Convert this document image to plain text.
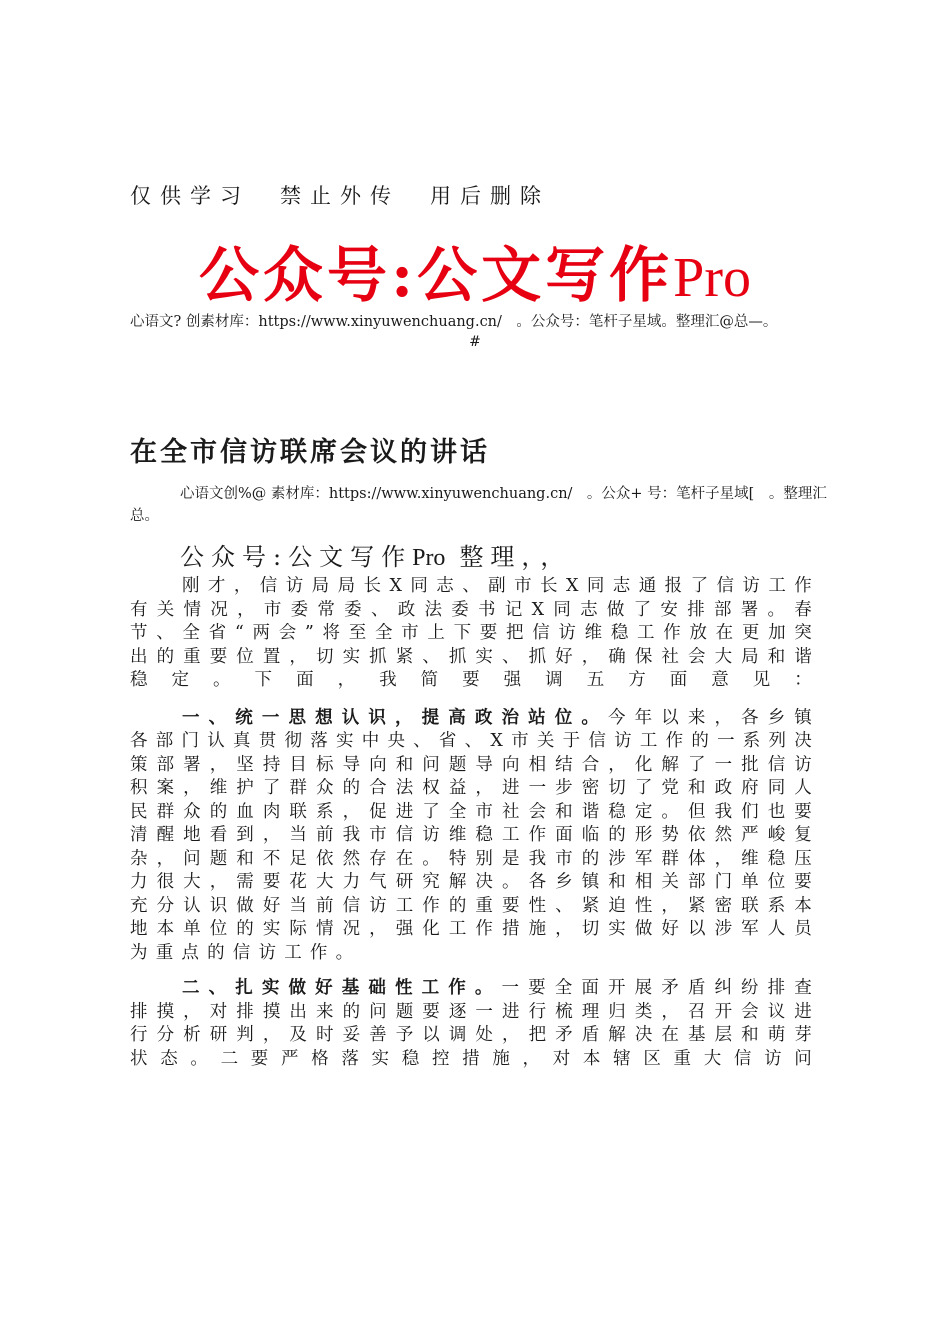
仅供学习　禁止外传　用后删除
公众号:公文写作Pro
心语文? 创素材库：https://www.xinyuwenchuang.cn/　。公众号：笔杆子星域。整理汇@总—。
#
在全市信访联席会议的讲话
心语文创%@ 素材库：https://www.xinyuwenchuang.cn/　。公众+ 号：笔杆子星域[　。整理汇总。
公众号:公文写作Pro 整理，，

刚才，信访局局长X同志、副市长X同志通报了信访工作有关情况，市委常委、政法委书记X同志做了安排部署。春节、全省“两会”将至全市上下要把信访维稳工作放在更加突出的重要位置，切实抓紧、抓实、抓好，确保社会大局和谐稳定。下面，我简要强调五方面意见：

一、统一思想认识，提高政治站位。今年以来，各乡镇各部门认真贯彻落实中央、省、X市关于信访工作的一系列决策部署，坚持目标导向和问题导向相结合，化解了一批信访积案，维护了群众的合法权益，进一步密切了党和政府同人民群众的血肉联系，促进了全市社会和谐稳定。但我们也要清醒地看到，当前我市信访维稳工作面临的形势依然严峻复杂，问题和不足依然存在。特别是我市的涉军群体，维稳压力很大，需要花大力气研究解决。各乡镇和相关部门单位要充分认识做好当前信访工作的重要性、紧迫性，紧密联系本地本单位的实际情况，强化工作措施，切实做好以涉军人员为重点的信访工作。

二、扎实做好基础性工作。一要全面开展矛盾纠纷排查排摸，对排摸出来的问题要逐一进行梳理归类，召开会议进行分析研判，及时妥善予以调处，把矛盾解决在基层和萌芽状态。二要严格落实稳控措施，对本辖区重大信访问
